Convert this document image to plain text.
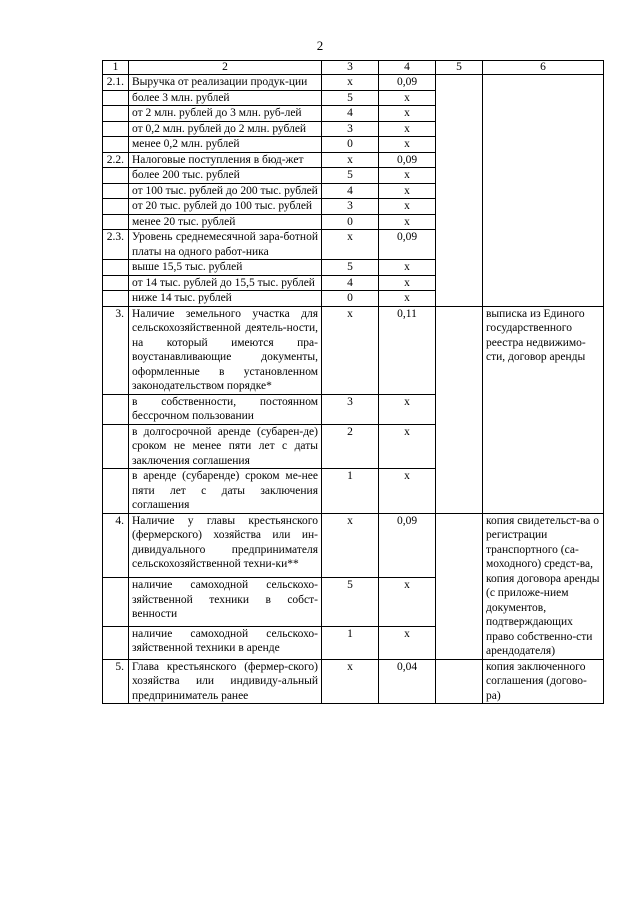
2
1	2	3	4	5	6
2.1.	Выручка от реализации продук-ции	x	0,09		
	более 3 млн. рублей	5	x		
	от 2 млн. рублей до 3 млн. руб-лей	4	x		
	от 0,2 млн. рублей до 2 млн. рублей	3	x		
	менее 0,2 млн. рублей	0	x		
2.2.	Налоговые поступления в бюд-жет	x	0,09		
	более 200 тыс. рублей	5	x		
	от 100 тыс. рублей до 200 тыс. рублей	4	x		
	от 20 тыс. рублей до 100 тыс. рублей	3	x		
	менее 20 тыс. рублей	0	x		
2.3.	Уровень среднемесячной зара-ботной платы на одного работ-ника	x	0,09		
	выше 15,5 тыс. рублей	5	x		
	от 14 тыс. рублей до 15,5 тыс. рублей	4	x		
	ниже 14 тыс. рублей	0	x		
3.	Наличие земельного участка для сельскохозяйственной деятель-ности, на который имеются пра-воустанавливающие документы, оформленные в установленном законодательством порядке*	x	0,11		выписка из Единого государственного реестра недвижимо-сти, договор аренды
	в собственности, постоянном бессрочном пользовании	3	x		
	в долгосрочной аренде (субарен-де) сроком не менее пяти лет с даты заключения соглашения	2	x		
	в аренде (субаренде) сроком ме-нее пяти лет с даты заключения соглашения	1	x		
4.	Наличие у главы крестьянского (фермерского) хозяйства или ин-дивидуального предпринимателя сельскохозяйственной техни-ки**	x	0,09		копия свидетельст-ва о регистрации транспортного (са-моходного) средст-ва, копия договора аренды (с приложе-нием документов, подтверждающих право собственно-сти арендодателя)
	наличие самоходной сельскохо-зяйственной техники в собст-венности	5	x		
	наличие самоходной сельскохо-зяйственной техники в аренде	1	x		
5.	Глава крестьянского (фермер-ского) хозяйства или индивиду-альный предприниматель ранее	x	0,04		копия заключенного соглашения (догово-ра)
